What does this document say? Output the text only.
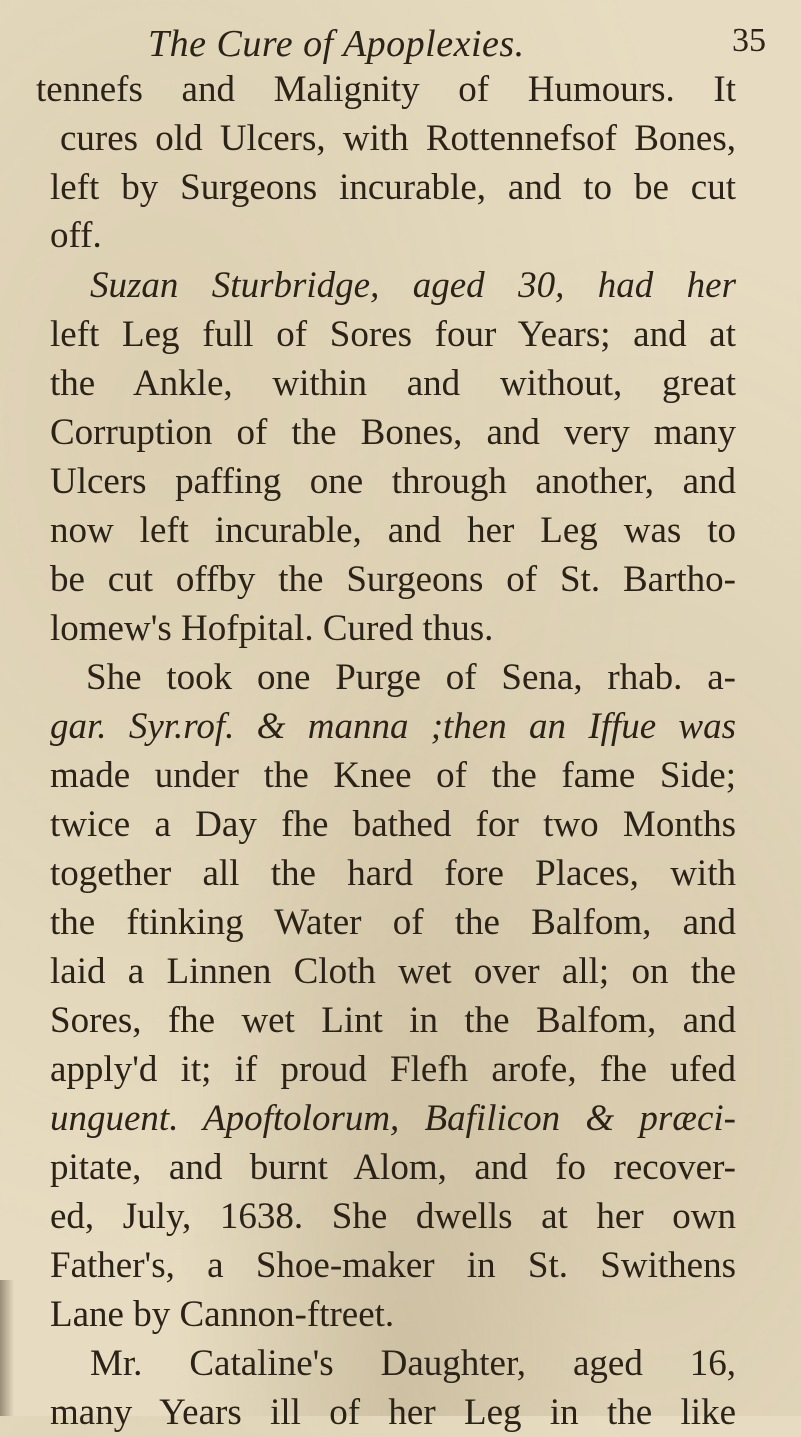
The Cure of Apoplexies.	35
tennefs and Malignity of Humours. It
cures old Ulcers, with Rottennefsof Bones,
left by Surgeons incurable, and to be cut
off.
Suzan Sturbridge, aged 30, had her
left Leg full of Sores four Years; and at
the Ankle, within and without, great
Corruption of the Bones, and very many
Ulcers paffing one through another, and
now left incurable, and her Leg was to
be cut offby the Surgeons of St. Bartho-
lomew's Hofpital. Cured thus.
She took one Purge of Sena, rhab. a-
gar. Syr.rof. & manna ;then an Iffue was
made under the Knee of the fame Side;
twice a Day fhe bathed for two Months
together all the hard fore Places, with
the ftinking Water of the Balfom, and
laid a Linnen Cloth wet over all; on the
Sores, fhe wet Lint in the Balfom, and
apply'd it; if proud Flefh arofe, fhe ufed
unguent. Apoftolorum, Bafilicon & præci-
pitate, and burnt Alom, and fo recover-
ed, July, 1638. She dwells at her own
Father's, a Shoe-maker in St. Swithens
Lane by Cannon-ftreet.
Mr. Cataline's Daughter, aged 16,
many Years ill of her Leg in the like
